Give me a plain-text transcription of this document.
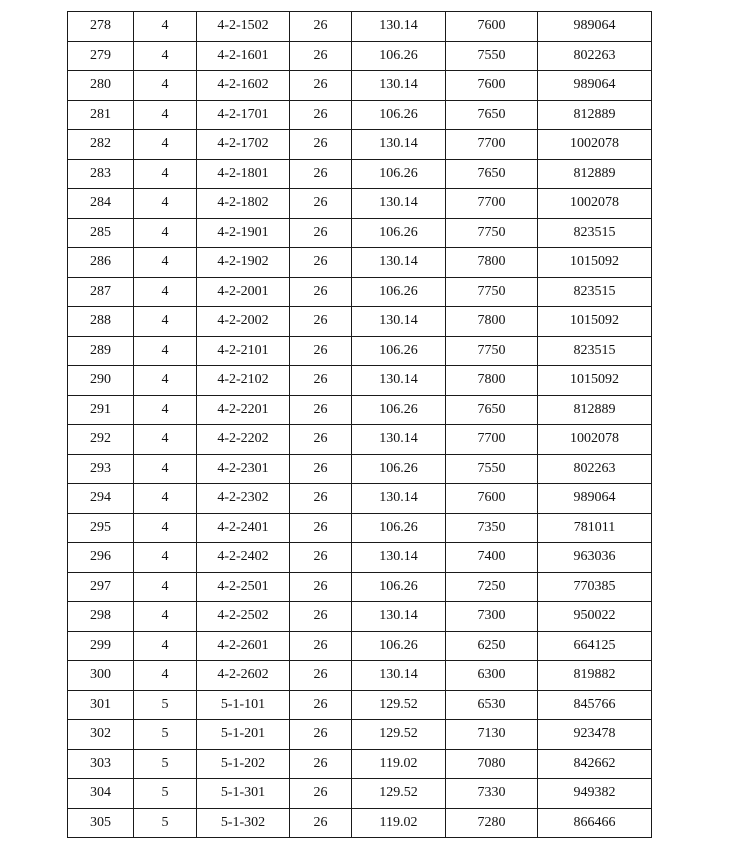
278	4	4-2-1502	26	130.14	7600	989064
279	4	4-2-1601	26	106.26	7550	802263
280	4	4-2-1602	26	130.14	7600	989064
281	4	4-2-1701	26	106.26	7650	812889
282	4	4-2-1702	26	130.14	7700	1002078
283	4	4-2-1801	26	106.26	7650	812889
284	4	4-2-1802	26	130.14	7700	1002078
285	4	4-2-1901	26	106.26	7750	823515
286	4	4-2-1902	26	130.14	7800	1015092
287	4	4-2-2001	26	106.26	7750	823515
288	4	4-2-2002	26	130.14	7800	1015092
289	4	4-2-2101	26	106.26	7750	823515
290	4	4-2-2102	26	130.14	7800	1015092
291	4	4-2-2201	26	106.26	7650	812889
292	4	4-2-2202	26	130.14	7700	1002078
293	4	4-2-2301	26	106.26	7550	802263
294	4	4-2-2302	26	130.14	7600	989064
295	4	4-2-2401	26	106.26	7350	781011
296	4	4-2-2402	26	130.14	7400	963036
297	4	4-2-2501	26	106.26	7250	770385
298	4	4-2-2502	26	130.14	7300	950022
299	4	4-2-2601	26	106.26	6250	664125
300	4	4-2-2602	26	130.14	6300	819882
301	5	5-1-101	26	129.52	6530	845766
302	5	5-1-201	26	129.52	7130	923478
303	5	5-1-202	26	119.02	7080	842662
304	5	5-1-301	26	129.52	7330	949382
305	5	5-1-302	26	119.02	7280	866466
